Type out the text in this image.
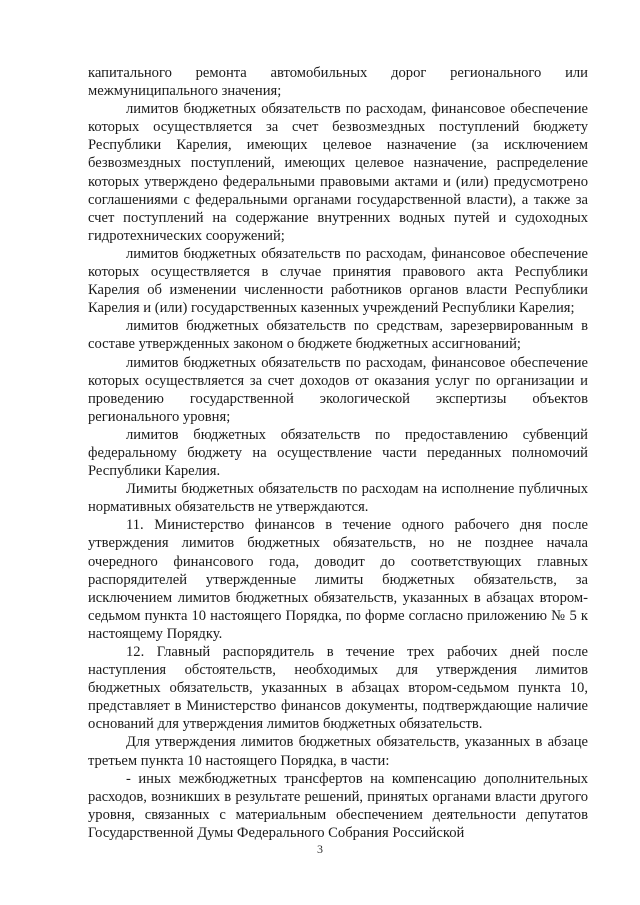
капитального ремонта автомобильных дорог регионального или межмуниципального значения;

лимитов бюджетных обязательств по расходам, финансовое обеспечение которых осуществляется за счет безвозмездных поступлений бюджету Республики Карелия, имеющих целевое назначение (за исключением безвозмездных поступлений, имеющих целевое назначение, распределение которых утверждено федеральными правовыми актами и (или) предусмотрено соглашениями с федеральными органами государственной власти), а также за счет поступлений на содержание внутренних водных путей и судоходных гидротехнических сооружений;

лимитов бюджетных обязательств по расходам, финансовое обеспечение которых осуществляется в случае принятия правового акта Республики Карелия об изменении численности работников органов власти Республики Карелия и (или) государственных казенных учреждений Республики Карелия;

лимитов бюджетных обязательств по средствам, зарезервированным в составе утвержденных законом о бюджете бюджетных ассигнований;

лимитов бюджетных обязательств по расходам, финансовое обеспечение которых осуществляется за счет доходов от оказания услуг по организации и проведению государственной экологической экспертизы объектов регионального уровня;

лимитов бюджетных обязательств по предоставлению субвенций федеральному бюджету на осуществление части переданных полномочий Республики Карелия.

Лимиты бюджетных обязательств по расходам на исполнение публичных нормативных обязательств не утверждаются.

11. Министерство финансов в течение одного рабочего дня после утверждения лимитов бюджетных обязательств, но не позднее начала очередного финансового года, доводит до соответствующих главных распорядителей утвержденные лимиты бюджетных обязательств, за исключением лимитов бюджетных обязательств, указанных в абзацах втором-седьмом пункта 10 настоящего Порядка, по форме согласно приложению № 5 к настоящему Порядку.

12. Главный распорядитель в течение трех рабочих дней после наступления обстоятельств, необходимых для утверждения лимитов бюджетных обязательств, указанных в абзацах втором-седьмом пункта 10, представляет в Министерство финансов документы, подтверждающие наличие оснований для утверждения лимитов бюджетных обязательств.

Для утверждения лимитов бюджетных обязательств, указанных в абзаце третьем пункта 10 настоящего Порядка, в части:

- иных межбюджетных трансфертов на компенсацию дополнительных расходов, возникших в результате решений, принятых органами власти другого уровня, связанных с материальным обеспечением деятельности депутатов Государственной Думы Федерального Собрания Российской

3
